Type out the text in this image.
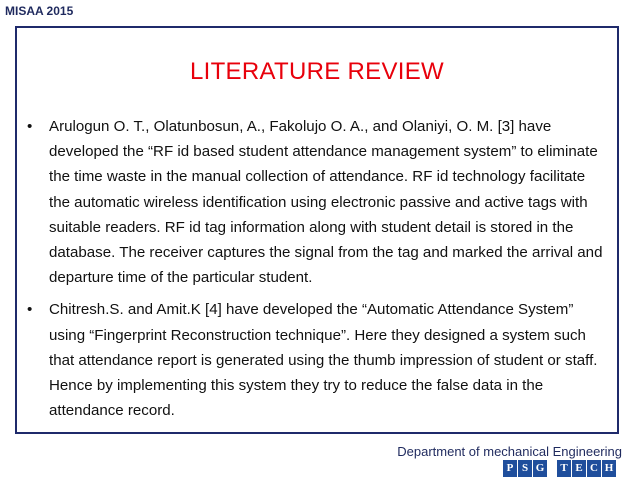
MISAA 2015
LITERATURE REVIEW
• Arulogun O. T., Olatunbosun, A., Fakolujo O. A., and Olaniyi, O. M. [3] have developed the “RF id based student attendance management system” to eliminate the time waste in the manual collection of attendance. RF id technology facilitate the automatic wireless identification using electronic passive and active tags with suitable readers. RF id tag information along with student detail is stored in the database. The receiver captures the signal from the tag and marked the arrival and departure time of the particular student.
• Chitresh.S. and Amit.K [4] have developed the “Automatic Attendance System” using “Fingerprint Reconstruction technique”. Here they designed a system such that attendance report is generated using the thumb impression of student or staff. Hence by implementing this system they try to reduce the false data in the attendance record.
Department of mechanical Engineering
P S G	T E C H
